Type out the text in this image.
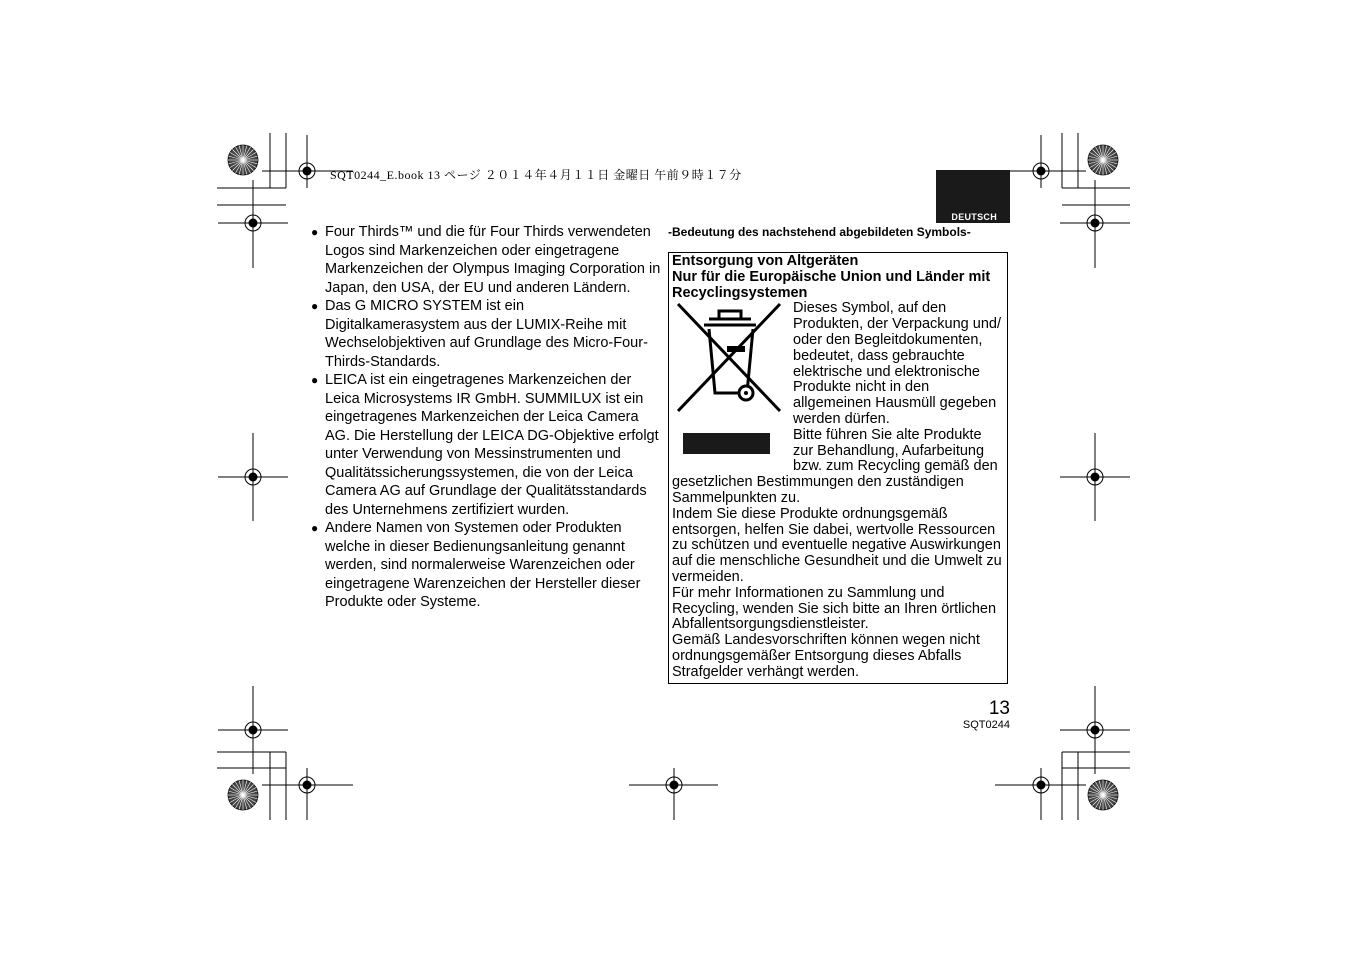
SQT0244_E.book 13 ページ ２０１４年４月１１日 金曜日 午前９時１７分
DEUTSCH
● Four Thirds™ und die für Four Thirds verwendeten Logos sind Markenzeichen oder eingetragene Markenzeichen der Olympus Imaging Corporation in Japan, den USA, der EU und anderen Ländern.
● Das G MICRO SYSTEM ist ein Digitalkamerasystem aus der LUMIX-Reihe mit Wechselobjektiven auf Grundlage des Micro-Four-Thirds-Standards.
● LEICA ist ein eingetragenes Markenzeichen der Leica Microsystems IR GmbH. SUMMILUX ist ein eingetragenes Markenzeichen der Leica Camera AG. Die Herstellung der LEICA DG-Objektive erfolgt unter Verwendung von Messinstrumenten und Qualitätssicherungssystemen, die von der Leica Camera AG auf Grundlage der Qualitätsstandards des Unternehmens zertifiziert wurden.
● Andere Namen von Systemen oder Produkten welche in dieser Bedienungsanleitung genannt werden, sind normalerweise Warenzeichen oder eingetragene Warenzeichen der Hersteller dieser Produkte oder Systeme.
-Bedeutung des nachstehend abgebildeten Symbols-
Entsorgung von Altgeräten
Nur für die Europäische Union und Länder mit Recyclingsystemen

Dieses Symbol, auf den Produkten, der Verpackung und/ oder den Begleitdokumenten, bedeutet, dass gebrauchte elektrische und elektronische Produkte nicht in den allgemeinen Hausmüll gegeben werden dürfen.

Bitte führen Sie alte Produkte zur Behandlung, Aufarbeitung bzw. zum Recycling gemäß den gesetzlichen Bestimmungen den zuständigen Sammelpunkten zu.

Indem Sie diese Produkte ordnungsgemäß entsorgen, helfen Sie dabei, wertvolle Ressourcen zu schützen und eventuelle negative Auswirkungen auf die menschliche Gesundheit und die Umwelt zu vermeiden.

Für mehr Informationen zu Sammlung und Recycling, wenden Sie sich bitte an Ihren örtlichen Abfallentsorgungsdienstleister.

Gemäß Landesvorschriften können wegen nicht ordnungsgemäßer Entsorgung dieses Abfalls Strafgelder verhängt werden.

13
SQT0244
